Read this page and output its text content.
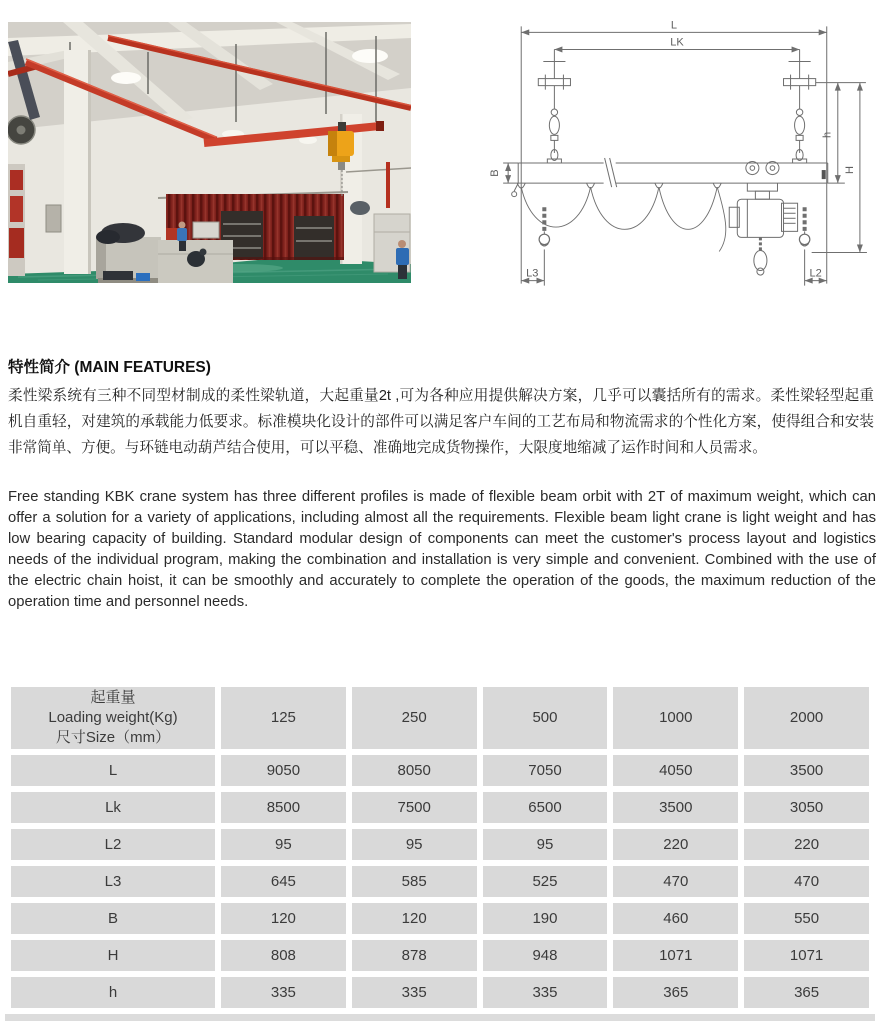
L
LK
B
h
H
L3	L2
特性简介 (MAIN FEATURES)

柔性梁系统有三种不同型材制成的柔性梁轨道，大起重量2t ,可为各种应用提供解决方案，几乎可以囊括所有的需求。柔性梁轻型起重机自重轻，对建筑的承载能力低要求。标准模块化设计的部件可以满足客户车间的工艺布局和物流需求的个性化方案，使得组合和安装非常简单、方便。与环链电动葫芦结合使用，可以平稳、准确地完成货物操作，大限度地缩减了运作时间和人员需求。

Free standing KBK crane system has three different profiles is made of flexible beam orbit with 2T of maximum weight, which can offer a solution for a variety of applications, including almost all the requirements. Flexible beam light crane is light weight and has low bearing capacity of building. Standard modular design of components can meet the customer's process layout and logistics needs of the individual program, making the combination and installation is very simple and convenient. Combined with the use of the electric chain hoist, it can be smoothly and accurately to complete the operation of the goods, the maximum reduction of the operation time and personnel needs.

起重量
Loading weight(Kg)
尺寸Size（mm）	125	250	500	1000	2000
L	9050	8050	7050	4050	3500
Lk	8500	7500	6500	3500	3050
L2	95	95	95	220	220
L3	645	585	525	470	470
B	120	120	190	460	550
H	808	878	948	1071	1071
h	335	335	335	365	365
